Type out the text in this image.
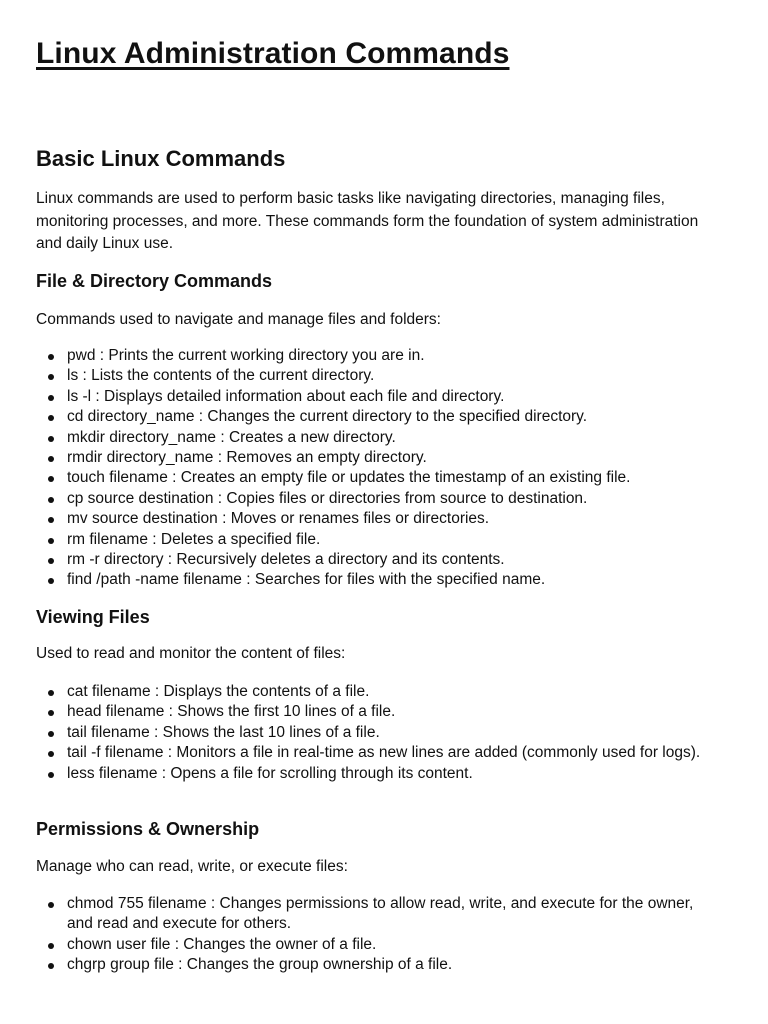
Linux Administration Commands
Basic Linux Commands

Linux commands are used to perform basic tasks like navigating directories, managing files, monitoring processes, and more. These commands form the foundation of system administration and daily Linux use.

File & Directory Commands

Commands used to navigate and manage files and folders:

pwd : Prints the current working directory you are in.
ls : Lists the contents of the current directory.
ls -l : Displays detailed information about each file and directory.
cd directory_name : Changes the current directory to the specified directory.
mkdir directory_name : Creates a new directory.
rmdir directory_name : Removes an empty directory.
touch filename : Creates an empty file or updates the timestamp of an existing file.
cp source destination : Copies files or directories from source to destination.
mv source destination : Moves or renames files or directories.
rm filename : Deletes a specified file.
rm -r directory : Recursively deletes a directory and its contents.
find /path -name filename : Searches for files with the specified name.
Viewing Files

Used to read and monitor the content of files:

cat filename : Displays the contents of a file.
head filename : Shows the first 10 lines of a file.
tail filename : Shows the last 10 lines of a file.
tail -f filename : Monitors a file in real-time as new lines are added (commonly used for logs).
less filename : Opens a file for scrolling through its content.
Permissions & Ownership

Manage who can read, write, or execute files:

chmod 755 filename : Changes permissions to allow read, write, and execute for the owner, and read and execute for others.
chown user file : Changes the owner of a file.
chgrp group file : Changes the group ownership of a file.
